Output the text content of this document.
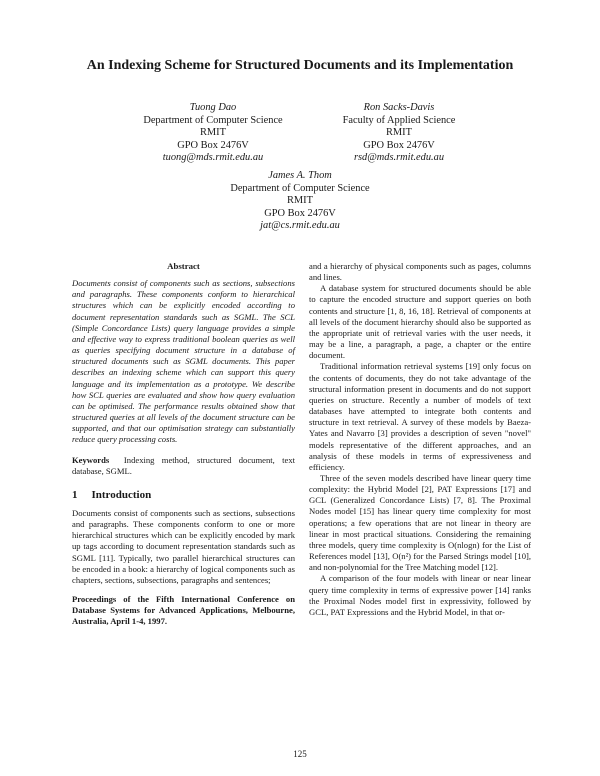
An Indexing Scheme for Structured Documents and its Implementation
Tuong Dao
Department of Computer Science
RMIT
GPO Box 2476V
tuong@mds.rmit.edu.au
Ron Sacks-Davis
Faculty of Applied Science
RMIT
GPO Box 2476V
rsd@mds.rmit.edu.au
James A. Thom
Department of Computer Science
RMIT
GPO Box 2476V
jat@cs.rmit.edu.au
Abstract

Documents consist of components such as sections, subsections and paragraphs. These components conform to hierarchical structures which can be explicitly encoded according to document representation standards such as SGML. The SCL (Simple Concordance Lists) query language provides a simple and effective way to express traditional boolean queries as well as queries specifying document structure in a database of structured documents such as SGML documents. This paper describes an indexing scheme which can support this query language and its implementation as a prototype. We describe how SCL queries are evaluated and show how query evaluation can be optimised. The performance results obtained show that structured queries at all levels of the document structure can be supported, and that our optimisation strategy can substantially reduce query processing costs.

Keywords Indexing method, structured document, text database, SGML.

1 Introduction

Documents consist of components such as sections, subsections and paragraphs. These components conform to one or more hierarchical structures which can be explicitly encoded by mark up tags according to document representation standards such as SGML [11]. Typically, two parallel hierarchical structures can be encoded in a book: a hierarchy of logical components such as chapters, sections, subsections, paragraphs and sentences;

Proceedings of the Fifth International Conference on Database Systems for Advanced Applications, Melbourne, Australia, April 1-4, 1997.

and a hierarchy of physical components such as pages, columns and lines.

A database system for structured documents should be able to capture the encoded structure and support queries on both contents and structure [1, 8, 16, 18]. Retrieval of components at all levels of the document hierarchy should also be supported as the appropriate unit of retrieval varies with the user needs, it may be a line, a paragraph, a page, a chapter or the entire document.

Traditional information retrieval systems [19] only focus on the contents of documents, they do not take advantage of the structural information present in documents and do not support queries on structure. Recently a number of models of text databases have attempted to integrate both contents and structure in text retrieval. A survey of these models by Baeza-Yates and Navarro [3] provides a description of seven "novel" models representative of the different approaches, and an analysis of these models in terms of expressiveness and efficiency.

Three of the seven models described have linear query time complexity: the Hybrid Model [2], PAT Expressions [17] and GCL (Generalized Concordance Lists) [7, 8]. The Proximal Nodes model [15] has linear query time complexity for most operations; a few operations that are not linear in theory are linear in most practical situations. Considering the remaining three models, query time complexity is O(nlogn) for the List of References model [13], O(n²) for the Parsed Strings model [10], and non-polynomial for the Tree Matching model [12].

A comparison of the four models with linear or near linear query time complexity in terms of expressive power [14] ranks the Proximal Nodes model first in expressivity, followed by GCL, PAT Expressions and the Hybrid Model, in that or-

125
